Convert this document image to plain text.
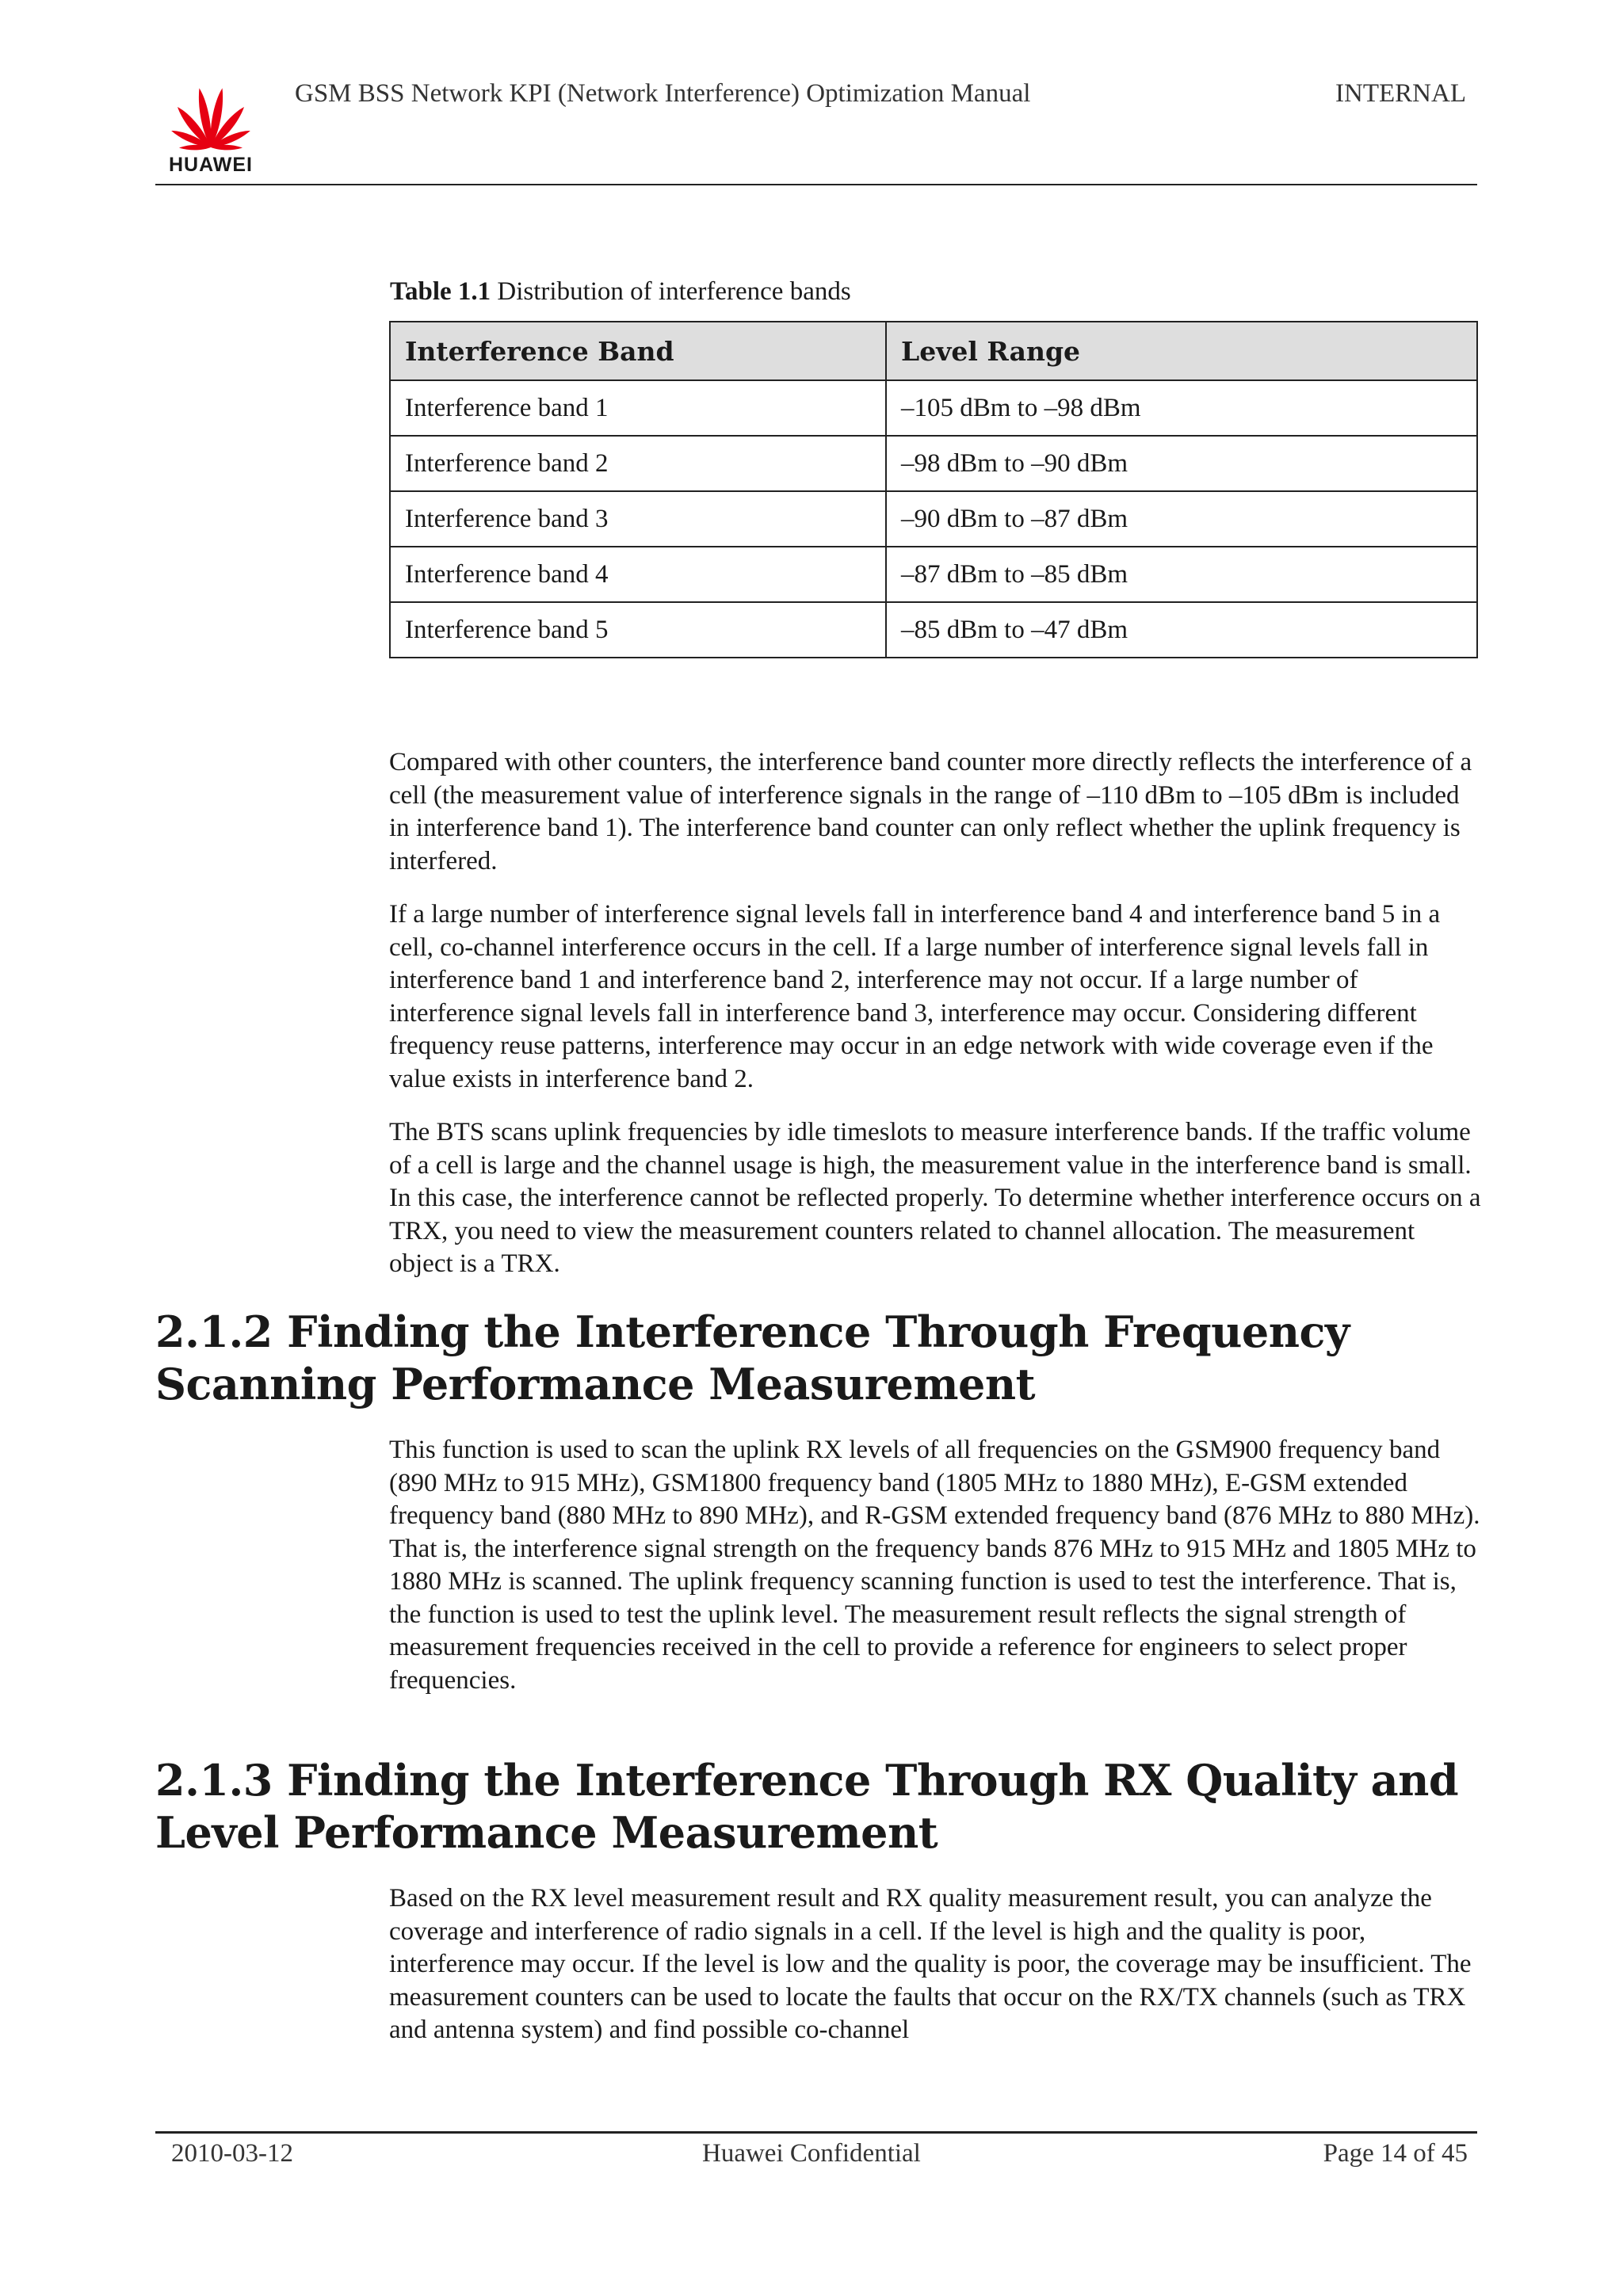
HUAWEI
GSM BSS Network KPI (Network Interference) Optimization Manual	INTERNAL
Table 1.1 Distribution of interference bands
Interference Band	Level Range
Interference band 1	–105 dBm to –98 dBm
Interference band 2	–98 dBm to –90 dBm
Interference band 3	–90 dBm to –87 dBm
Interference band 4	–87 dBm to –85 dBm
Interference band 5	–85 dBm to –47 dBm

Compared with other counters, the interference band counter more directly reflects the interference of a cell (the measurement value of interference signals in the range of –110 dBm to –105 dBm is included in interference band 1). The interference band counter can only reflect whether the uplink frequency is interfered.

If a large number of interference signal levels fall in interference band 4 and interference band 5 in a cell, co-channel interference occurs in the cell. If a large number of interference signal levels fall in interference band 1 and interference band 2, interference may not occur. If a large number of interference signal levels fall in interference band 3, interference may occur. Considering different frequency reuse patterns, interference may occur in an edge network with wide coverage even if the value exists in interference band 2.

The BTS scans uplink frequencies by idle timeslots to measure interference bands. If the traffic volume of a cell is large and the channel usage is high, the measurement value in the interference band is small. In this case, the interference cannot be reflected properly. To determine whether interference occurs on a TRX, you need to view the measurement counters related to channel allocation. The measurement object is a TRX.

2.1.2 Finding the Interference Through Frequency Scanning Performance Measurement

This function is used to scan the uplink RX levels of all frequencies on the GSM900 frequency band (890 MHz to 915 MHz), GSM1800 frequency band (1805 MHz to 1880 MHz), E-GSM extended frequency band (880 MHz to 890 MHz), and R-GSM extended frequency band (876 MHz to 880 MHz). That is, the interference signal strength on the frequency bands 876 MHz to 915 MHz and 1805 MHz to 1880 MHz is scanned. The uplink frequency scanning function is used to test the interference. That is, the function is used to test the uplink level. The measurement result reflects the signal strength of measurement frequencies received in the cell to provide a reference for engineers to select proper frequencies.

2.1.3 Finding the Interference Through RX Quality and Level Performance Measurement

Based on the RX level measurement result and RX quality measurement result, you can analyze the coverage and interference of radio signals in a cell. If the level is high and the quality is poor, interference may occur. If the level is low and the quality is poor, the coverage may be insufficient. The measurement counters can be used to locate the faults that occur on the RX/TX channels (such as TRX and antenna system) and find possible co-channel

2010-03-12	Huawei Confidential	Page 14 of 45
